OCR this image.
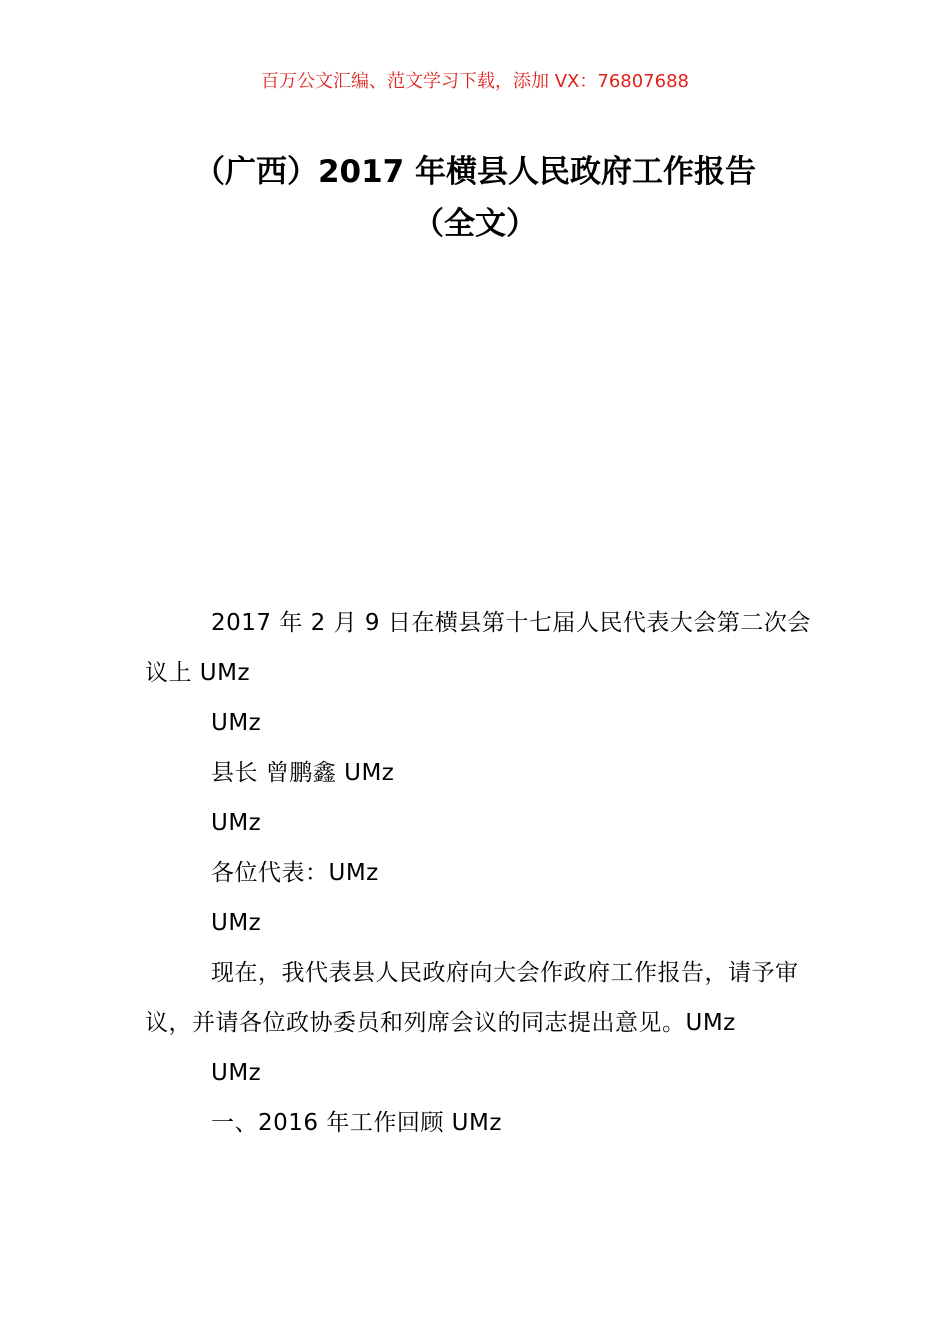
百万公文汇编、范文学习下载，添加 VX：76807688
（广西）2017 年横县人民政府工作报告
（全文）

2017 年 2 月 9 日在横县第十七届人民代表大会第二次会议上 UMz

UMz

县长 曾鹏鑫 UMz

UMz

各位代表：UMz

UMz

现在，我代表县人民政府向大会作政府工作报告，请予审议，并请各位政协委员和列席会议的同志提出意见。UMz

UMz

一、2016 年工作回顾 UMz
